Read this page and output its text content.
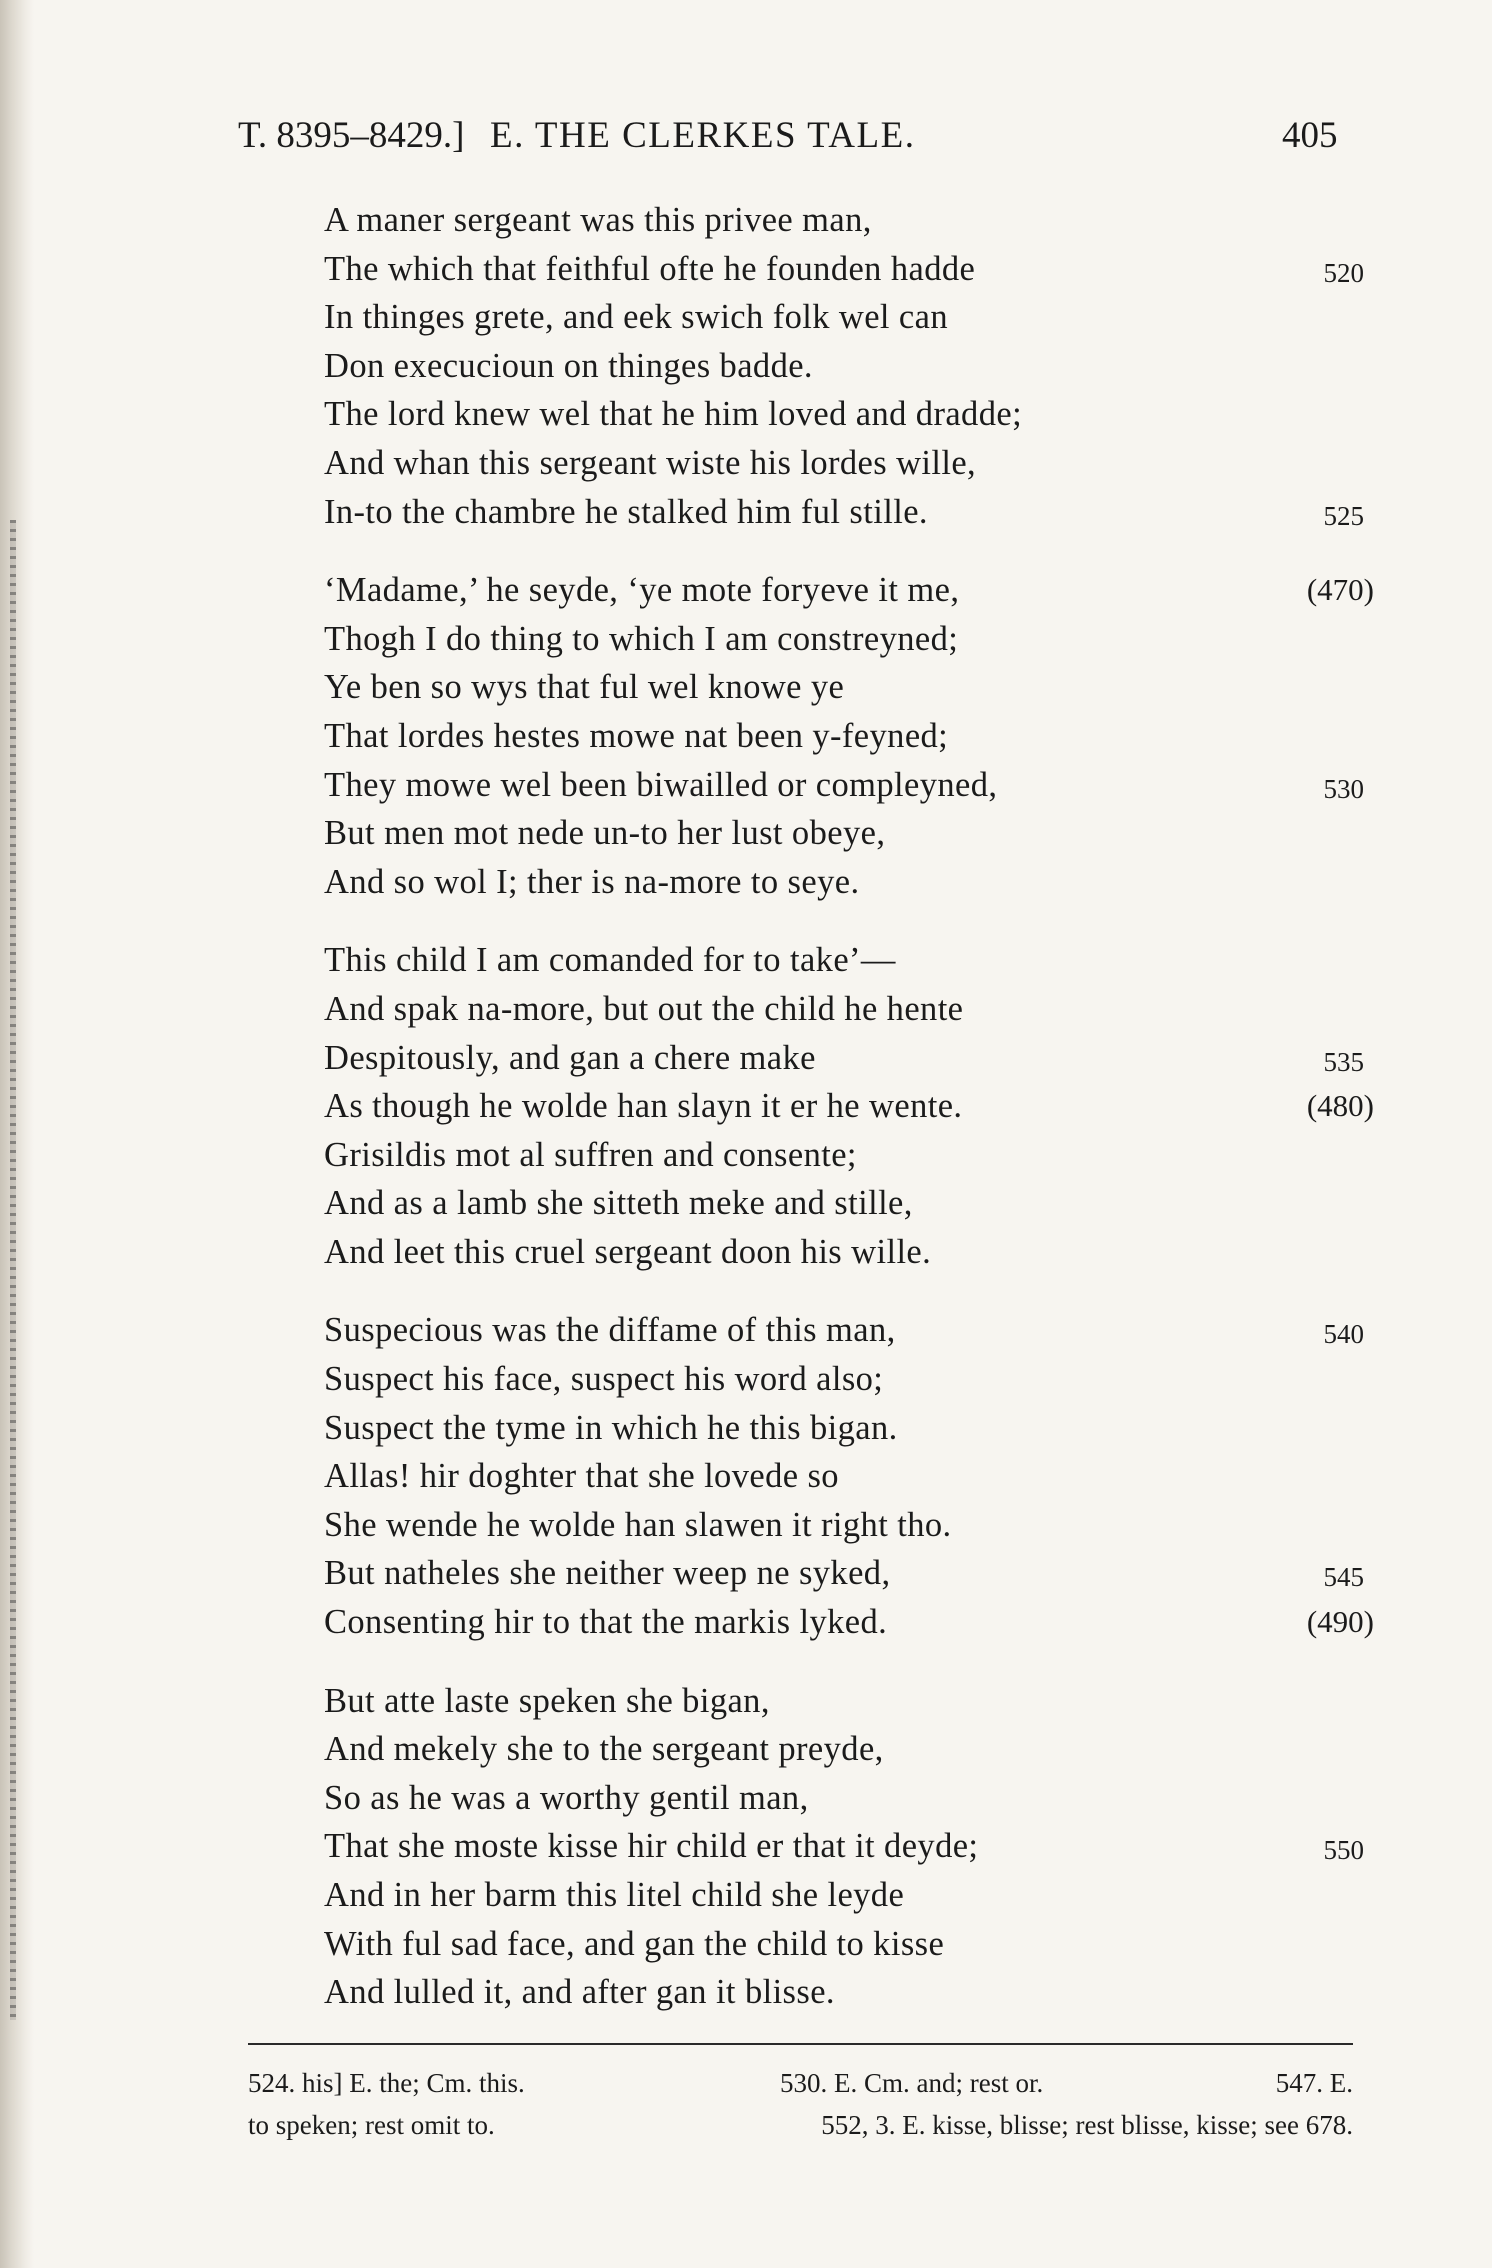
T. 8395–8429.] E. THE CLERKES TALE.	405
A maner sergeant was this privee man,
The which that feithful ofte he founden hadde	520
In thinges grete, and eek swich folk wel can
Don execucioun on thinges badde.
The lord knew wel that he him loved and dradde;
And whan this sergeant wiste his lordes wille,
In-to the chambre he stalked him ful stille.	525
‘Madame,’ he seyde, ‘ye mote foryeve it me,	(470)
Thogh I do thing to which I am constreyned;
Ye ben so wys that ful wel knowe ye
That lordes hestes mowe nat been y-feyned;
They mowe wel been biwailled or compleyned,	530
But men mot nede un-to her lust obeye,
And so wol I; ther is na-more to seye.
This child I am comanded for to take’—
And spak na-more, but out the child he hente
Despitously, and gan a chere make	535
As though he wolde han slayn it er he wente.	(480)
Grisildis mot al suffren and consente;
And as a lamb she sitteth meke and stille,
And leet this cruel sergeant doon his wille.
Suspecious was the diffame of this man,	540
Suspect his face, suspect his word also;
Suspect the tyme in which he this bigan.
Allas! hir doghter that she lovede so
She wende he wolde han slawen it right tho.
But natheles she neither weep ne syked,	545
Consenting hir to that the markis lyked.	(490)
But atte laste speken she bigan,
And mekely she to the sergeant preyde,
So as he was a worthy gentil man,
That she moste kisse hir child er that it deyde;	550
And in her barm this litel child she leyde
With ful sad face, and gan the child to kisse
And lulled it, and after gan it blisse.
524. his] E. the; Cm. this.	530. E. Cm. and; rest or.	547. E.
to speken; rest omit to.	552, 3. E. kisse, blisse; rest blisse, kisse; see 678.
